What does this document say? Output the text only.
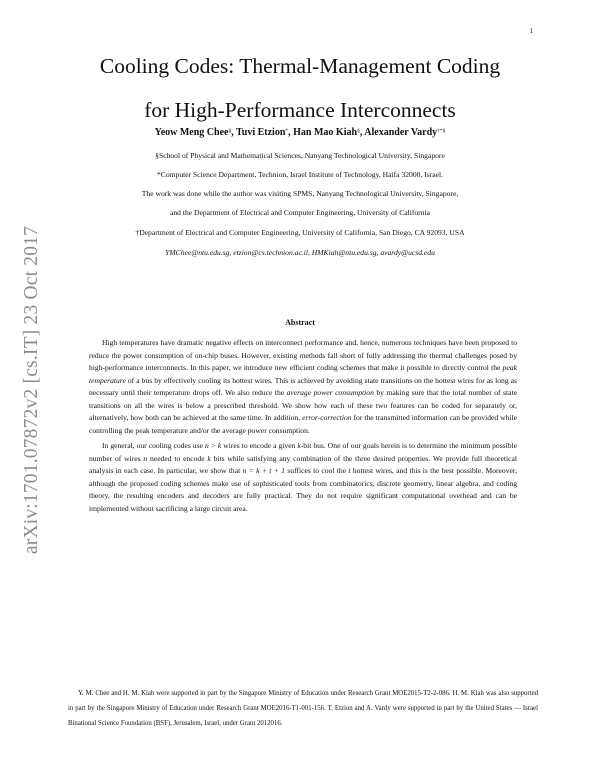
1
arXiv:1701.07872v2 [cs.IT] 23 Oct 2017
Cooling Codes: Thermal-Management Coding
for High-Performance Interconnects
Yeow Meng Chee§, Tuvi Etzion*, Han Mao Kiah§, Alexander Vardy†*§
§School of Physical and Mathematical Sciences, Nanyang Technological University, Singapore
*Computer Science Department, Technion, Israel Institute of Technology, Haifa 32000, Israel.
The work was done while the author was visiting SPMS, Nanyang Technological University, Singapore,
and the Department of Electrical and Computer Engineering, University of California
†Department of Electrical and Computer Engineering, University of California, San Diego, CA 92093, USA
YMChee@ntu.edu.sg, etzion@cs.technion.ac.il, HMKiah@ntu.edu.sg, avardy@ucsd.edu
Abstract

High temperatures have dramatic negative effects on interconnect performance and, hence, numerous techniques have been proposed to reduce the power consumption of on-chip buses. However, existing methods fall short of fully addressing the thermal challenges posed by high-performance interconnects. In this paper, we introduce new efficient coding schemes that make it possible to directly control the peak temperature of a bus by effectively cooling its hottest wires. This is achieved by avoiding state transitions on the hottest wires for as long as necessary until their temperature drops off. We also reduce the average power consumption by making sure that the total number of state transitions on all the wires is below a prescribed threshold. We show how each of these two features can be coded for separately or, alternatively, how both can be achieved at the same time. In addition, error-correction for the transmitted information can be provided while controlling the peak temperature and/or the average power consumption.

In general, our cooling codes use n > k wires to encode a given k-bit bus. One of our goals herein is to determine the minimum possible number of wires n needed to encode k bits while satisfying any combination of the three desired properties. We provide full theoretical analysis in each case. In particular, we show that n = k + t + 1 suffices to cool the t hottest wires, and this is the best possible. Moreover, although the proposed coding schemes make use of sophisticated tools from combinatorics, discrete geometry, linear algebra, and coding theory, the resulting encoders and decoders are fully practical. They do not require significant computational overhead and can be implemented without sacrificing a large circuit area.

Y. M. Chee and H. M. Kiah were supported in part by the Singapore Ministry of Education under Research Grant MOE2015-T2-2-086. H. M. Kiah was also supported in part by the Singapore Ministry of Education under Research Grant MOE2016-T1-001-156. T. Etzion and A. Vardy were supported in part by the United States — Israel Binational Science Foundation (BSF), Jerusalem, Israel, under Grant 2012016.
